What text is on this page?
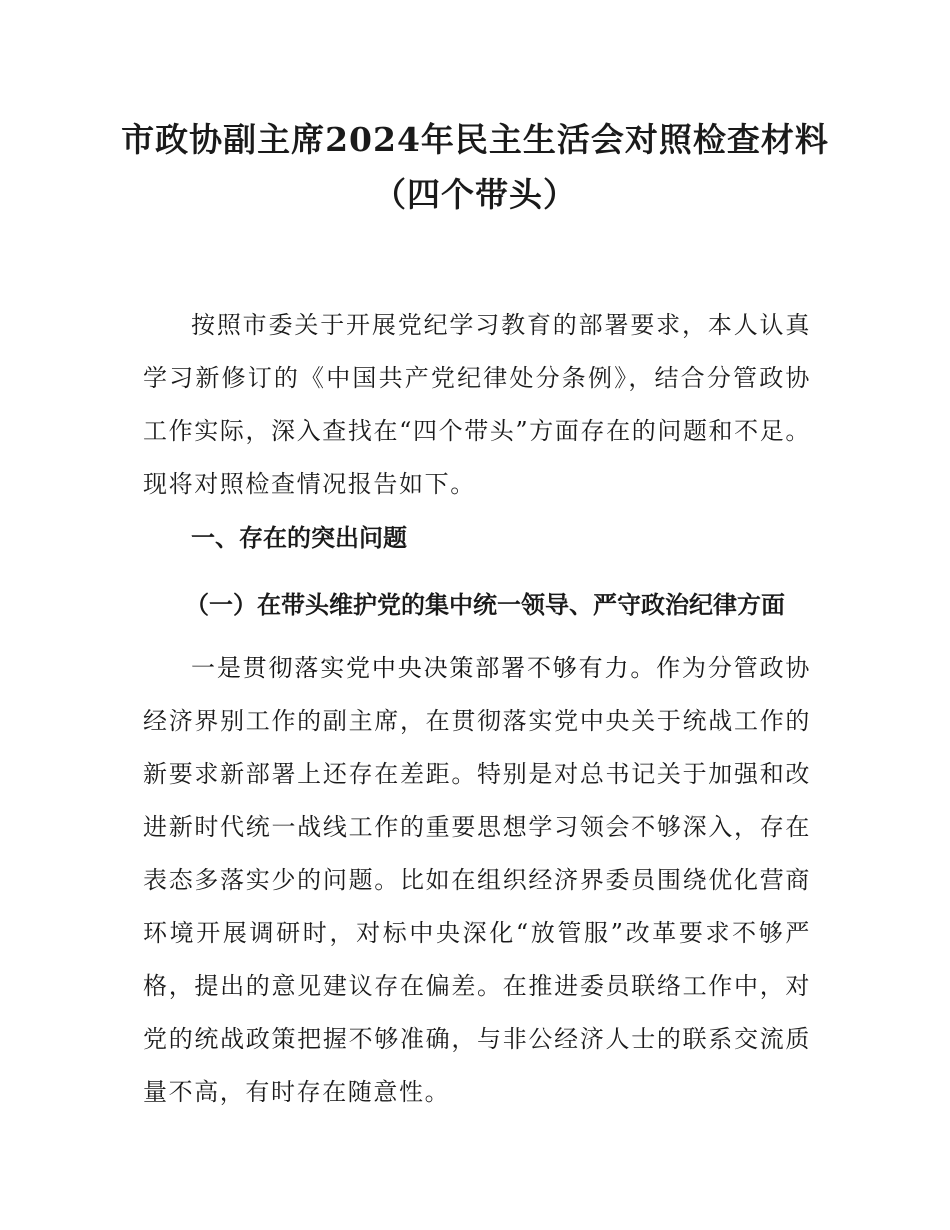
市政协副主席2024年民主生活会对照检查材料（四个带头）

按照市委关于开展党纪学习教育的部署要求，本人认真学习新修订的《中国共产党纪律处分条例》，结合分管政协工作实际，深入查找在“四个带头”方面存在的问题和不足。现将对照检查情况报告如下。

一、存在的突出问题
（一）在带头维护党的集中统一领导、严守政治纪律方面

一是贯彻落实党中央决策部署不够有力。作为分管政协经济界别工作的副主席，在贯彻落实党中央关于统战工作的新要求新部署上还存在差距。特别是对总书记关于加强和改进新时代统一战线工作的重要思想学习领会不够深入，存在表态多落实少的问题。比如在组织经济界委员围绕优化营商环境开展调研时，对标中央深化“放管服”改革要求不够严格，提出的意见建议存在偏差。在推进委员联络工作中，对党的统战政策把握不够准确，与非公经济人士的联系交流质量不高，有时存在随意性。
